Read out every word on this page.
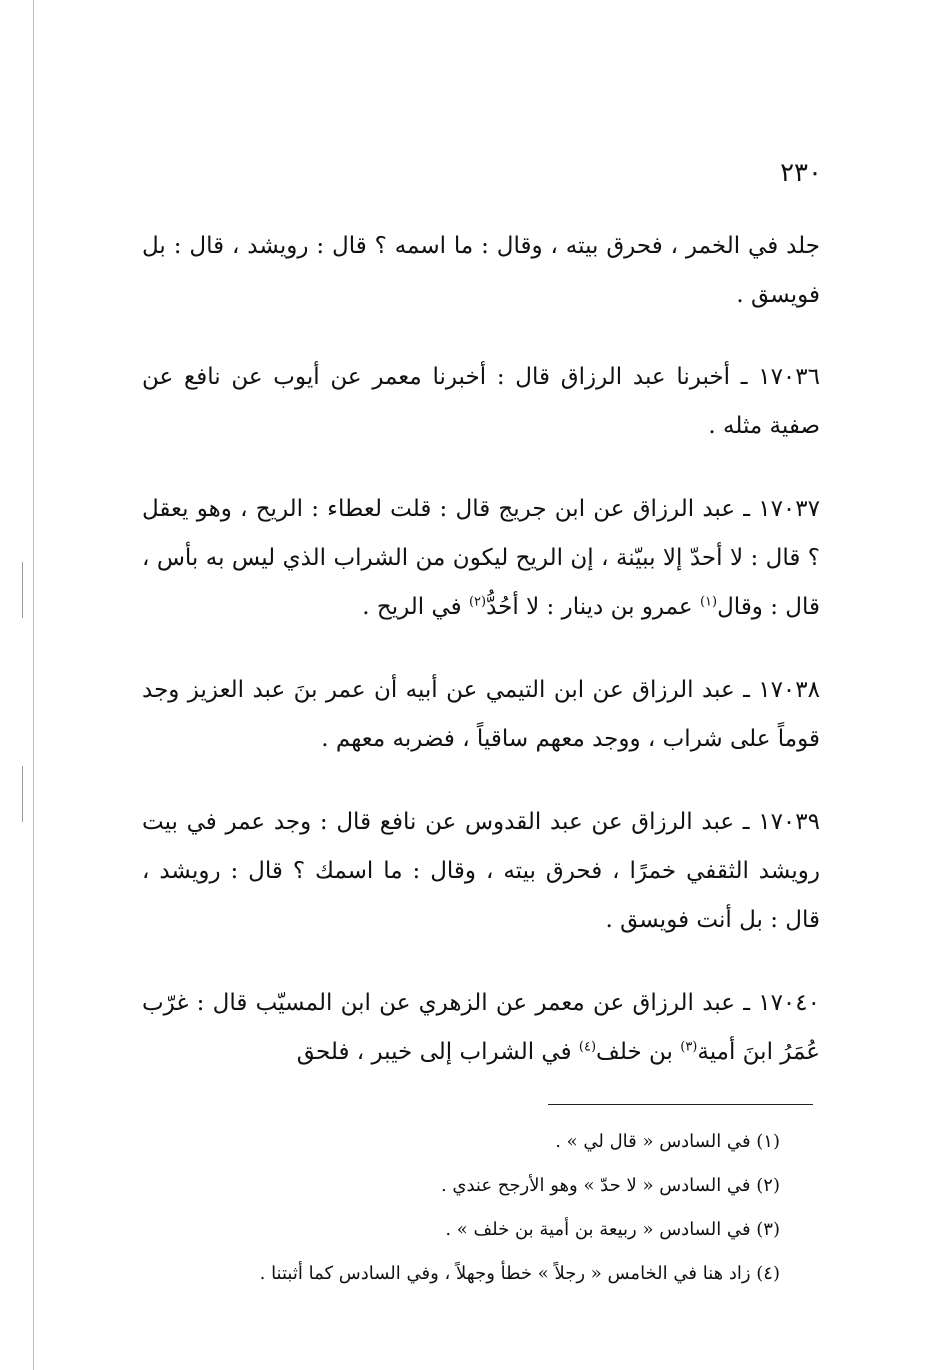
٢٣٠

جلد في الخمر ، فحرق بيته ، وقال : ما اسمه ؟ قال : رويشد ، قال : بل فويسق .

١٧٠٣٦ ـ أخبرنا عبد الرزاق قال : أخبرنا معمر عن أيوب عن نافع عن صفية مثله .

١٧٠٣٧ ـ عبد الرزاق عن ابن جريج قال : قلت لعطاء : الريح ، وهو يعقل ؟ قال : لا أحدّ إلا ببيّنة ، إن الريح ليكون من الشراب الذي ليس به بأس ، قال : وقال$^{(١)}$ عمرو بن دينار : لا أحُدُّ$^{(٢)}$ في الريح .

١٧٠٣٨ ـ عبد الرزاق عن ابن التيمي عن أبيه أن عمر بنَ عبد العزيز وجد قوماً على شراب ، ووجد معهم ساقياً ، فضربه معهم .

١٧٠٣٩ ـ عبد الرزاق عن عبد القدوس عن نافع قال : وجد عمر في بيت رويشد الثقفي خمرًا ، فحرق بيته ، وقال : ما اسمك ؟ قال : رويشد ، قال : بل أنت فويسق .

١٧٠٤٠ ـ عبد الرزاق عن معمر عن الزهري عن ابن المسيّب قال : غرّب عُمَرُ ابنَ أمية$^{(٣)}$ بن خلف$^{(٤)}$ في الشراب إلى خيبر ، فلحق

(١) في السادس « قال لي » .

(٢) في السادس « لا حدّ » وهو الأرجح عندي .

(٣) في السادس « ربيعة بن أمية بن خلف » .

(٤) زاد هنا في الخامس « رجلاً » خطأ وجهلاً ، وفي السادس كما أثبتنا .
